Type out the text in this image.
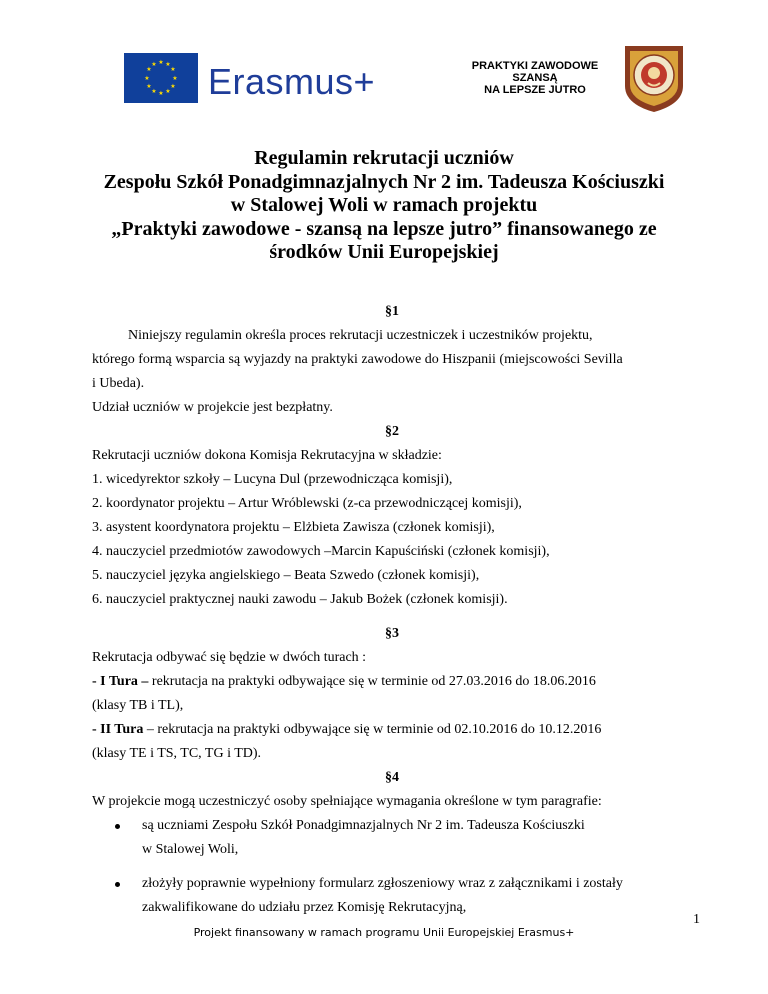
★ ★
★
★
★
★
★
★
★
★
★
★ Erasmus+	PRAKTYKI ZAWODOWE
SZANSĄ
NA LEPSZE JUTRO
Regulamin rekrutacji uczniów
Zespołu Szkół Ponadgimnazjalnych Nr 2 im. Tadeusza Kościuszki
w Stalowej Woli w ramach projektu
„Praktyki zawodowe - szansą na lepsze jutro” finansowanego ze
środków Unii Europejskiej
§1
Niniejszy regulamin określa proces rekrutacji uczestniczek i uczestników projektu,
którego formą wsparcia są wyjazdy na praktyki zawodowe do Hiszpanii (miejscowości Sevilla
i Ubeda).
Udział uczniów w projekcie jest bezpłatny.
§2
Rekrutacji uczniów dokona Komisja Rekrutacyjna w składzie:
1. wicedyrektor szkoły – Lucyna Dul (przewodnicząca komisji),
2. koordynator projektu – Artur Wróblewski (z-ca przewodniczącej komisji),
3. asystent koordynatora projektu – Elżbieta Zawisza (członek komisji),
4. nauczyciel przedmiotów zawodowych –Marcin Kapuściński (członek komisji),
5. nauczyciel języka angielskiego – Beata Szwedo (członek komisji),
6. nauczyciel praktycznej nauki zawodu – Jakub Bożek (członek komisji).
§3
Rekrutacja odbywać się będzie w dwóch turach :
- I Tura – rekrutacja na praktyki odbywające się w terminie od 27.03.2016 do 18.06.2016
(klasy TB i TL),
- II Tura – rekrutacja na praktyki odbywające się w terminie od 02.10.2016 do 10.12.2016
(klasy TE i TS, TC, TG i TD).
§4
W projekcie mogą uczestniczyć osoby spełniające wymagania określone w tym paragrafie:
są uczniami Zespołu Szkół Ponadgimnazjalnych Nr 2 im. Tadeusza Kościuszki
w Stalowej Woli,
złożyły poprawnie wypełniony formularz zgłoszeniowy wraz z załącznikami i zostały
zakwalifikowane do udziału przez Komisję Rekrutacyjną,
1
Projekt finansowany w ramach programu Unii Europejskiej Erasmus+
